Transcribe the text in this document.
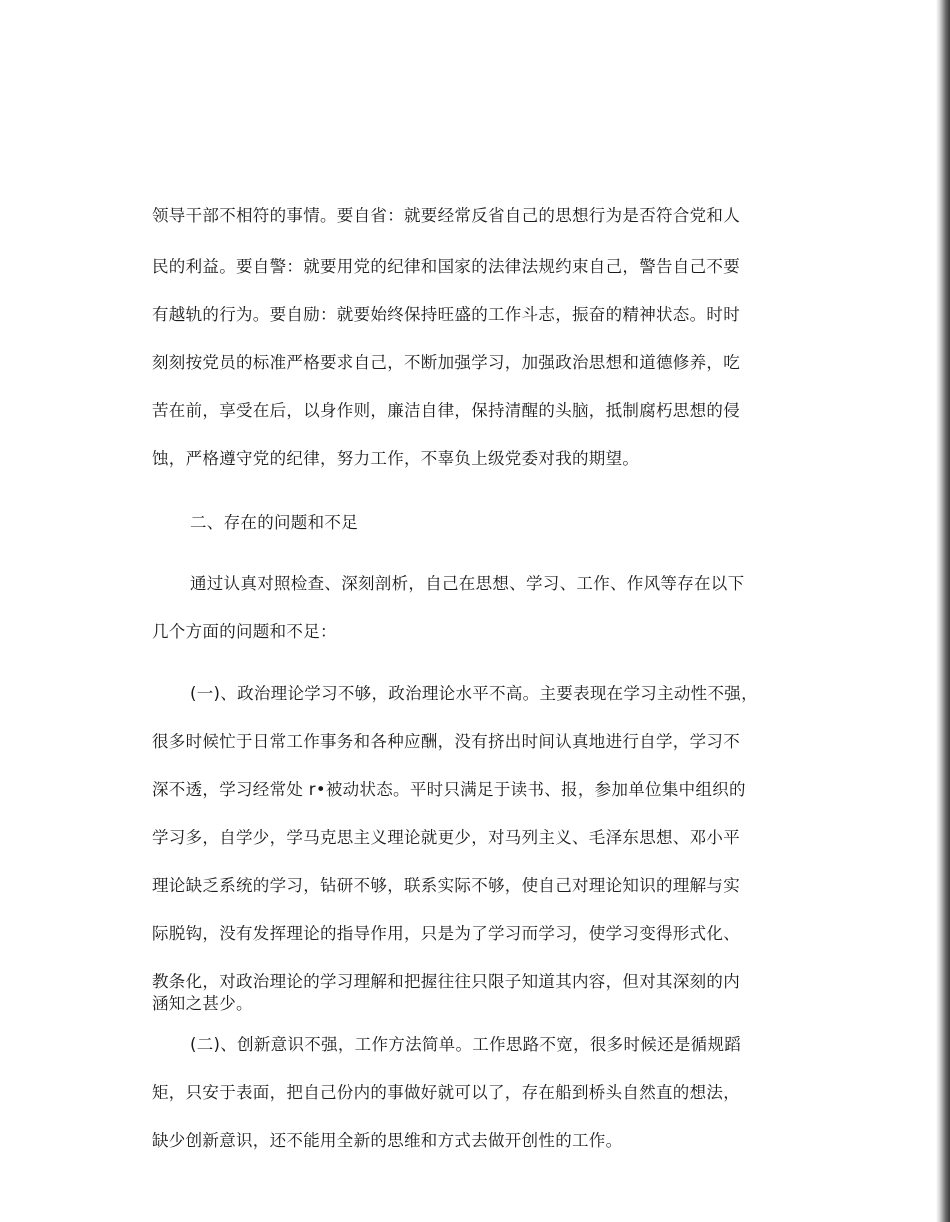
领导干部不相符的事情。要自省：就要经常反省自己的思想行为是否符合党和人
民的利益。要自警：就要用党的纪律和国家的法律法规约束自己，警告自己不要
有越轨的行为。要自励：就要始终保持旺盛的工作斗志，振奋的精神状态。时时
刻刻按党员的标准严格要求自己，不断加强学习，加强政治思想和道德修养，吃
苦在前，享受在后，以身作则，廉洁自律，保持清醒的头脑，抵制腐朽思想的侵
蚀，严格遵守党的纪律，努力工作，不辜负上级党委对我的期望。
二、存在的问题和不足
通过认真对照检查、深刻剖析，自己在思想、学习、工作、作风等存在以下
几个方面的问题和不足：
(一)、政治理论学习不够，政治理论水平不高。主要表现在学习主动性不强，
很多时候忙于日常工作事务和各种应酬，没有挤出时间认真地进行自学，学习不
深不透，学习经常处 r•被动状态。平时只满足于读书、报，参加单位集中组织的
学习多，自学少，学马克思主义理论就更少，对马列主义、毛泽东思想、邓小平
理论缺乏系统的学习，钻研不够，联系实际不够，使自己对理论知识的理解与实
际脱钩，没有发挥理论的指导作用，只是为了学习而学习，使学习变得形式化、
教条化，对政治理论的学习理解和把握往往只限子知道其内容，但对其深刻的内
涵知之甚少。
(二)、创新意识不强，工作方法简单。工作思路不宽，很多时候还是循规蹈
矩，只安于表面，把自己份内的事做好就可以了，存在船到桥头自然直的想法，
缺少创新意识，还不能用全新的思维和方式去做开创性的工作。
